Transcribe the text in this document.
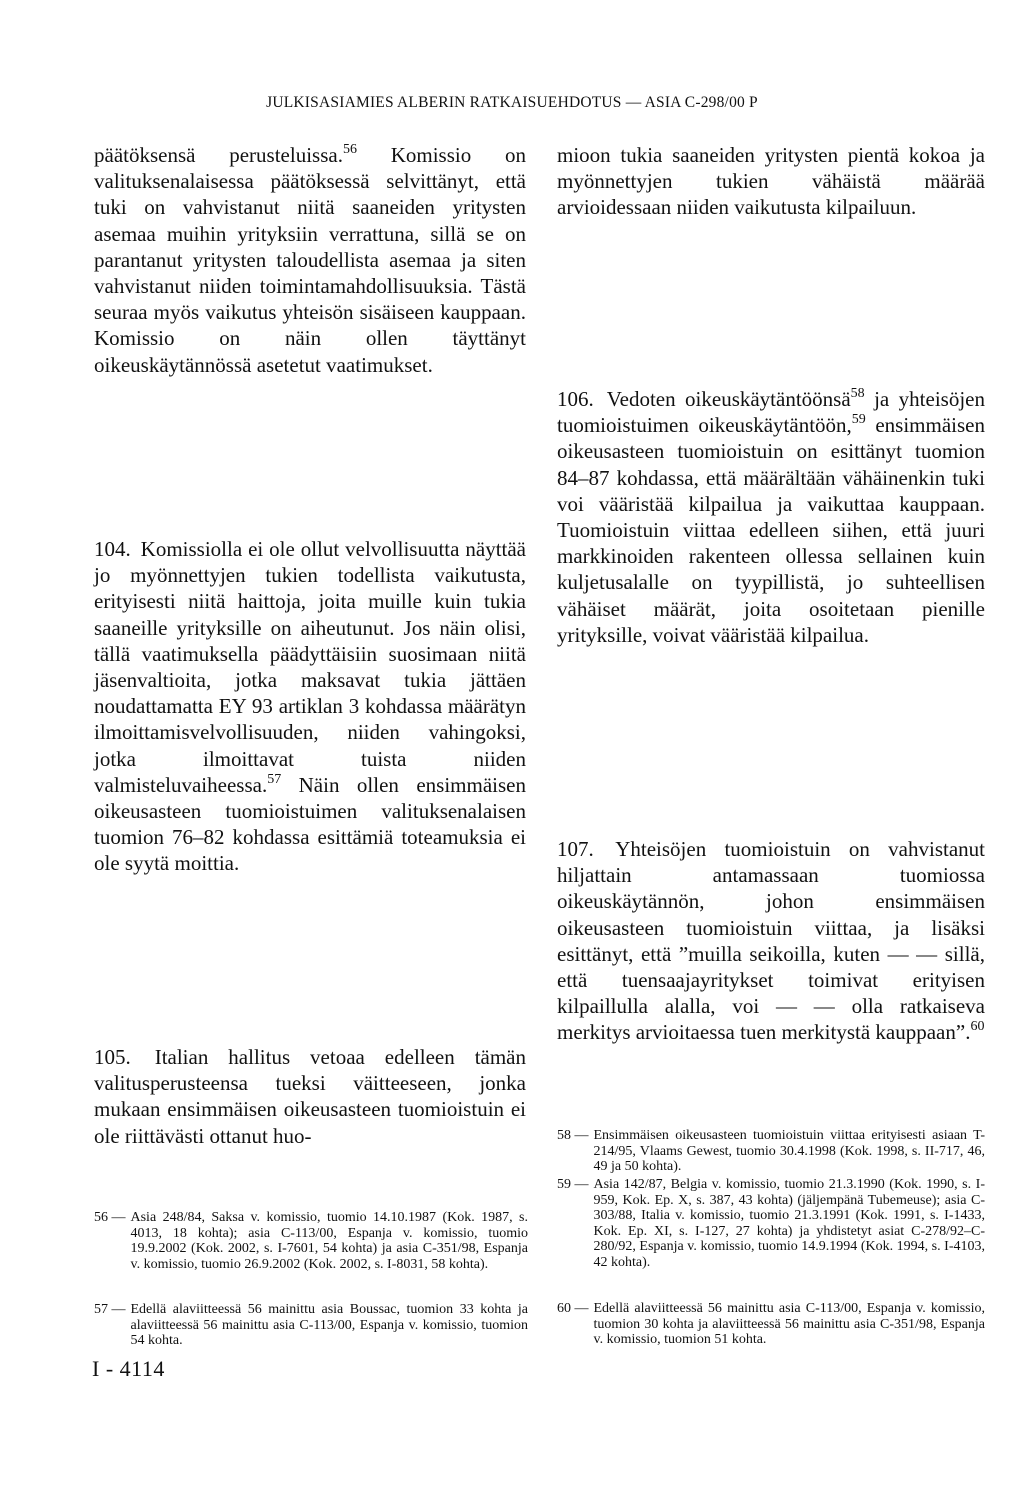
JULKISASIAMIES ALBERIN RATKAISUEHDOTUS — ASIA C-298/00 P

päätöksensä perusteluissa.$^{56}$ Komissio on valituksenalaisessa päätöksessä selvittänyt, että tuki on vahvistanut niitä saaneiden yritysten asemaa muihin yrityksiin verrattuna, sillä se on parantanut yritysten taloudellista asemaa ja siten vahvistanut niiden toimintamahdollisuuksia. Tästä seuraa myös vaikutus yhteisön sisäiseen kauppaan. Komissio on näin ollen täyttänyt oikeuskäytännössä asetetut vaatimukset.

104. Komissiolla ei ole ollut velvollisuutta näyttää jo myönnettyjen tukien todellista vaikutusta, erityisesti niitä haittoja, joita muille kuin tukia saaneille yrityksille on aiheutunut. Jos näin olisi, tällä vaatimuksella päädyttäisiin suosimaan niitä jäsenvaltioita, jotka maksavat tukia jättäen noudattamatta EY 93 artiklan 3 kohdassa määrätyn ilmoittamisvelvollisuuden, niiden vahingoksi, jotka ilmoittavat tuista niiden valmisteluvaiheessa.$^{57}$ Näin ollen ensimmäisen oikeusasteen tuomioistuimen valituksenalaisen tuomion 76–82 kohdassa esittämiä toteamuksia ei ole syytä moittia.

105. Italian hallitus vetoaa edelleen tämän valitusperusteensa tueksi väitteeseen, jonka mukaan ensimmäisen oikeusasteen tuomioistuin ei ole riittävästi ottanut huo-

56 — Asia 248/84, Saksa v. komissio, tuomio 14.10.1987 (Kok. 1987, s. 4013, 18 kohta); asia C-113/00, Espanja v. komissio, tuomio 19.9.2002 (Kok. 2002, s. I-7601, 54 kohta) ja asia C-351/98, Espanja v. komissio, tuomio 26.9.2002 (Kok. 2002, s. I-8031, 58 kohta).
57 — Edellä alaviitteessä 56 mainittu asia Boussac, tuomion 33 kohta ja alaviitteessä 56 mainittu asia C-113/00, Espanja v. komissio, tuomion 54 kohta.

mioon tukia saaneiden yritysten pientä kokoa ja myönnettyjen tukien vähäistä määrää arvioidessaan niiden vaikutusta kilpailuun.

106. Vedoten oikeuskäytäntöönsä$^{58}$ ja yhteisöjen tuomioistuimen oikeuskäytäntöön,$^{59}$ ensimmäisen oikeusasteen tuomioistuin on esittänyt tuomion 84–87 kohdassa, että määrältään vähäinenkin tuki voi vääristää kilpailua ja vaikuttaa kauppaan. Tuomioistuin viittaa edelleen siihen, että juuri markkinoiden rakenteen ollessa sellainen kuin kuljetusalalle on tyypillistä, jo suhteellisen vähäiset määrät, joita osoitetaan pienille yrityksille, voivat vääristää kilpailua.

107. Yhteisöjen tuomioistuin on vahvistanut hiljattain antamassaan tuomiossa oikeuskäytännön, johon ensimmäisen oikeusasteen tuomioistuin viittaa, ja lisäksi esittänyt, että ”muilla seikoilla, kuten — — sillä, että tuensaajayritykset toimivat erityisen kilpaillulla alalla, voi — — olla ratkaiseva merkitys arvioitaessa tuen merkitystä kauppaan”.$^{60}$

58 — Ensimmäisen oikeusasteen tuomioistuin viittaa erityisesti asiaan T-214/95, Vlaams Gewest, tuomio 30.4.1998 (Kok. 1998, s. II-717, 46, 49 ja 50 kohta).
59 — Asia 142/87, Belgia v. komissio, tuomio 21.3.1990 (Kok. 1990, s. I-959, Kok. Ep. X, s. 387, 43 kohta) (jäljempänä Tubemeuse); asia C-303/88, Italia v. komissio, tuomio 21.3.1991 (Kok. 1991, s. I-1433, Kok. Ep. XI, s. I-127, 27 kohta) ja yhdistetyt asiat C-278/92–C-280/92, Espanja v. komissio, tuomio 14.9.1994 (Kok. 1994, s. I-4103, 42 kohta).
60 — Edellä alaviitteessä 56 mainittu asia C-113/00, Espanja v. komissio, tuomion 30 kohta ja alaviitteessä 56 mainittu asia C-351/98, Espanja v. komissio, tuomion 51 kohta.
I - 4114
